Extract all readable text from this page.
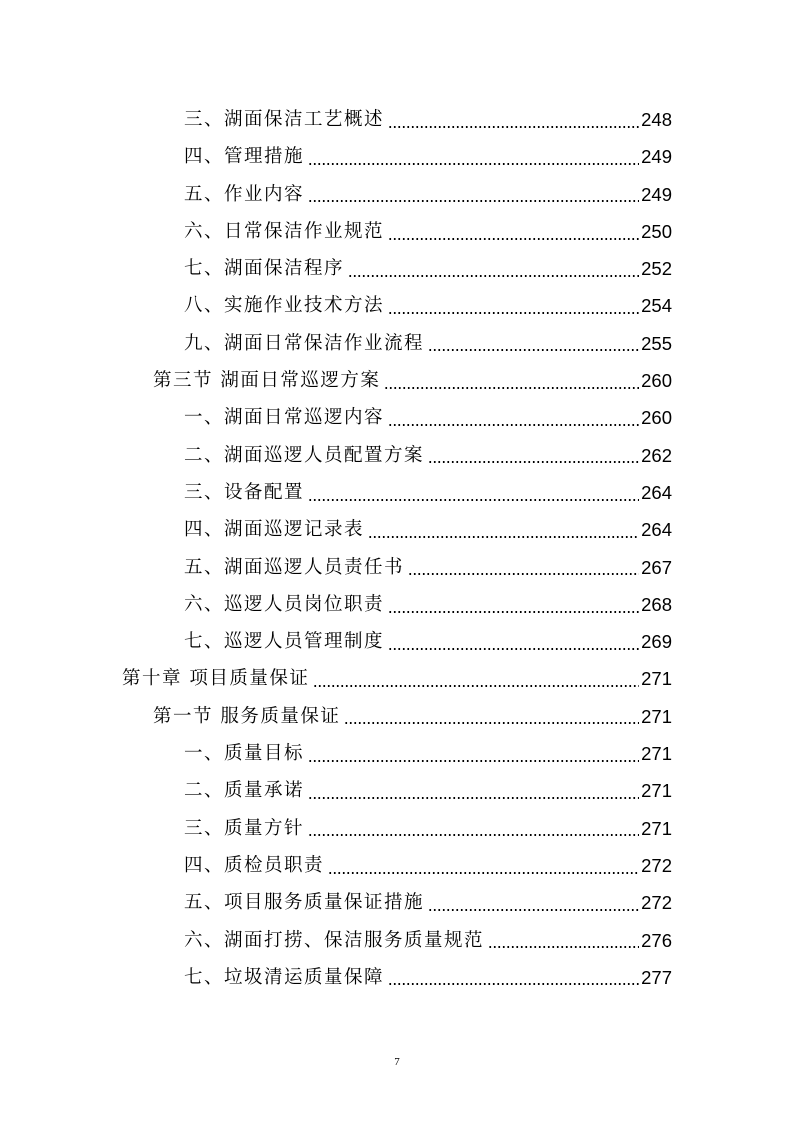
三、湖面保洁工艺概述	248
四、管理措施	249
五、作业内容	249
六、日常保洁作业规范	250
七、湖面保洁程序	252
八、实施作业技术方法	254
九、湖面日常保洁作业流程	255
第三节 湖面日常巡逻方案	260
一、湖面日常巡逻内容	260
二、湖面巡逻人员配置方案	262
三、设备配置	264
四、湖面巡逻记录表	264
五、湖面巡逻人员责任书	267
六、巡逻人员岗位职责	268
七、巡逻人员管理制度	269
第十章 项目质量保证	271
第一节 服务质量保证	271
一、质量目标	271
二、质量承诺	271
三、质量方针	271
四、质检员职责	272
五、项目服务质量保证措施	272
六、湖面打捞、保洁服务质量规范	276
七、垃圾清运质量保障	277
7
